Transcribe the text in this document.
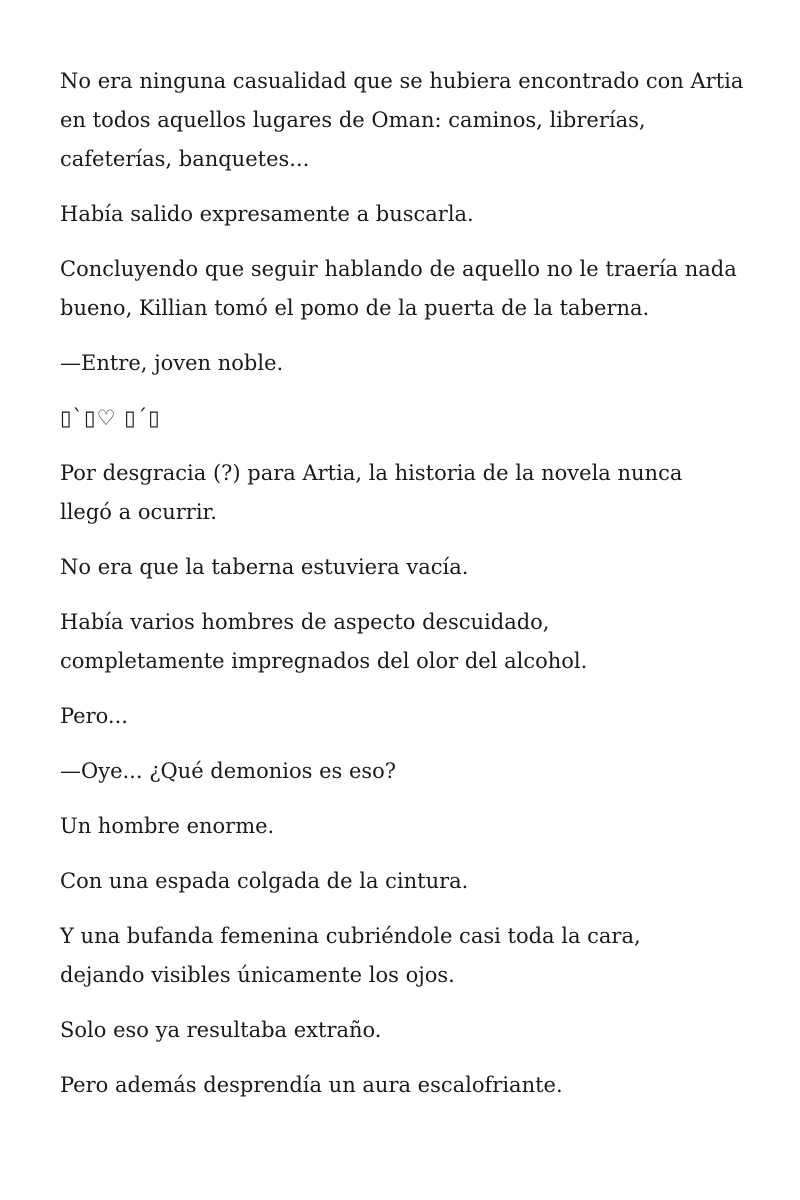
No era ninguna casualidad que se hubiera encontrado con Artia en todos aquellos lugares de Oman: caminos, librerías, cafeterías, banquetes...

Había salido expresamente a buscarla.

Concluyendo que seguir hablando de aquello no le traería nada bueno, Killian tomó el pomo de la puerta de la taberna.

—Entre, joven noble.

▯`▯♡ ▯´▯

Por desgracia (?) para Artia, la historia de la novela nunca llegó a ocurrir.

No era que la taberna estuviera vacía.

Había varios hombres de aspecto descuidado, completamente impregnados del olor del alcohol.

Pero...

—Oye... ¿Qué demonios es eso?

Un hombre enorme.

Con una espada colgada de la cintura.

Y una bufanda femenina cubriéndole casi toda la cara, dejando visibles únicamente los ojos.

Solo eso ya resultaba extraño.

Pero además desprendía un aura escalofriante.
